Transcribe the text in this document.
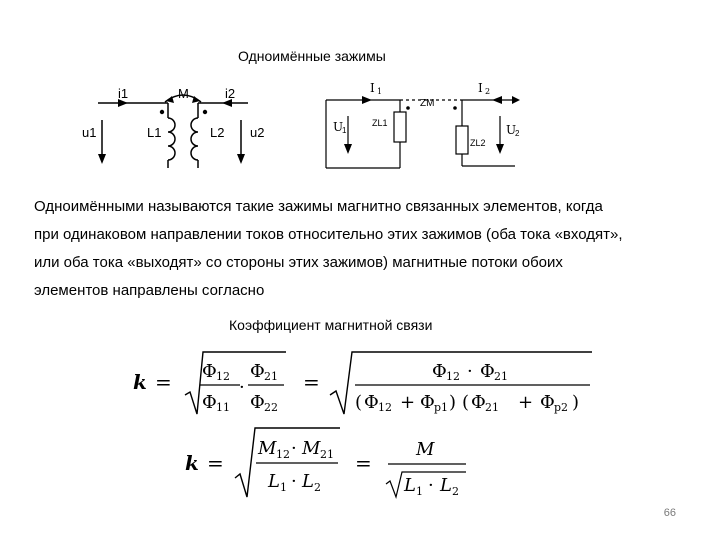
Одноимённые зажимы
i1	M	i2
u1	L1	L2 u2
I 1	I 2
ZM
U
1
ZL1
ZL2
U
2
Одноимёнными называются такие зажимы магнитно связанных элементов, когда
при одинаковом направлении токов относительно этих зажимов (оба тока «входят»,
или оба тока «выходят» со стороны этих зажимов) магнитные потоки обоих
элементов направлены согласно
Коэффициент магнитной связи
k = Φ 12
Φ 11
·
Φ 21
Φ 22
=	Φ 12 · Φ 21
( Φ 12 + Φ p1 ) ( Φ 21 + Φ p2 )
k =
M 12 · M 21
L 1 · L 2
=
M
L 1 · L 2
66
